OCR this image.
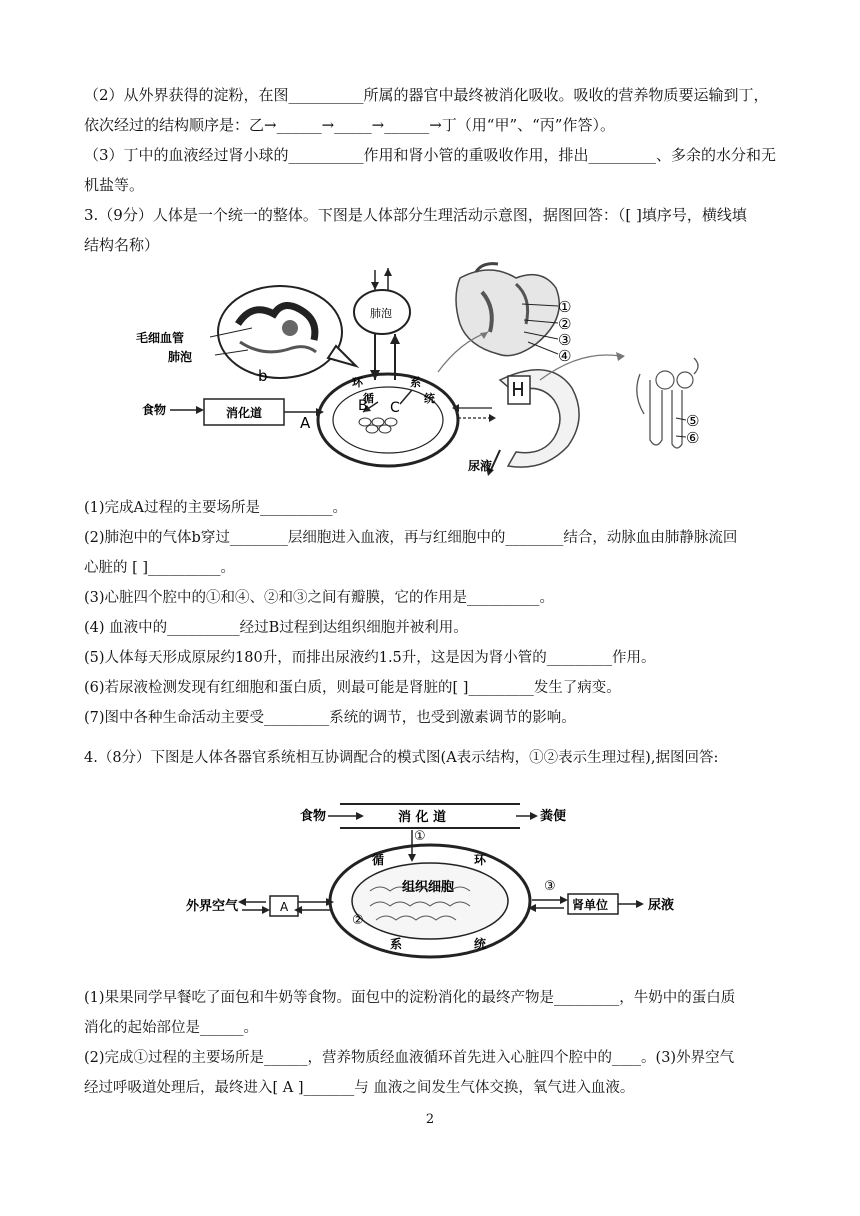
（2）从外界获得的淀粉，在图__________所属的器官中最终被消化吸收。吸收的营养物质要运输到丁，
依次经过的结构顺序是：乙→______→_____→______→丁（用“甲”、“丙”作答）。
（3）丁中的血液经过肾小球的__________作用和肾小管的重吸收作用，排出_________、多余的水分和无
机盐等。
3.（9分）人体是一个统一的整体。下图是人体部分生理活动示意图，据图回答：（[ ]填序号，横线填
结构名称）
毛细血管
肺泡
b
肺泡
环
循
系
统
B C
食物	消化道
A
①
②
③
④
尿液
⑤
⑥
(1)完成A过程的主要场所是__________。
(2)肺泡中的气体b穿过________层细胞进入血液，再与红细胞中的________结合，动脉血由肺静脉流回
心脏的 [ ]__________。
(3)心脏四个腔中的①和④、②和③之间有瓣膜，它的作用是__________。
(4) 血液中的__________经过B过程到达组织细胞并被利用。
(5)人体每天形成原尿约180升，而排出尿液约1.5升，这是因为肾小管的_________作用。
(6)若尿液检测发现有红细胞和蛋白质，则最可能是肾脏的[ ]_________发生了病变。
(7)图中各种生命活动主要受_________系统的调节，也受到激素调节的影响。
4.（8分）下图是人体各器官系统相互协调配合的模式图(A表示结构，①②表示生理过程),据图回答:
食物	消 化 道	粪便
①
循	环
组织细胞
系	统
外界空气	A
②
③
肾单位	尿液
(1)果果同学早餐吃了面包和牛奶等食物。面包中的淀粉消化的最终产物是_________，牛奶中的蛋白质
消化的起始部位是______。
(2)完成①过程的主要场所是______，营养物质经血液循环首先进入心脏四个腔中的____。(3)外界空气
经过呼吸道处理后，最终进入[ A ]_______与 血液之间发生气体交换，氧气进入血液。
2
